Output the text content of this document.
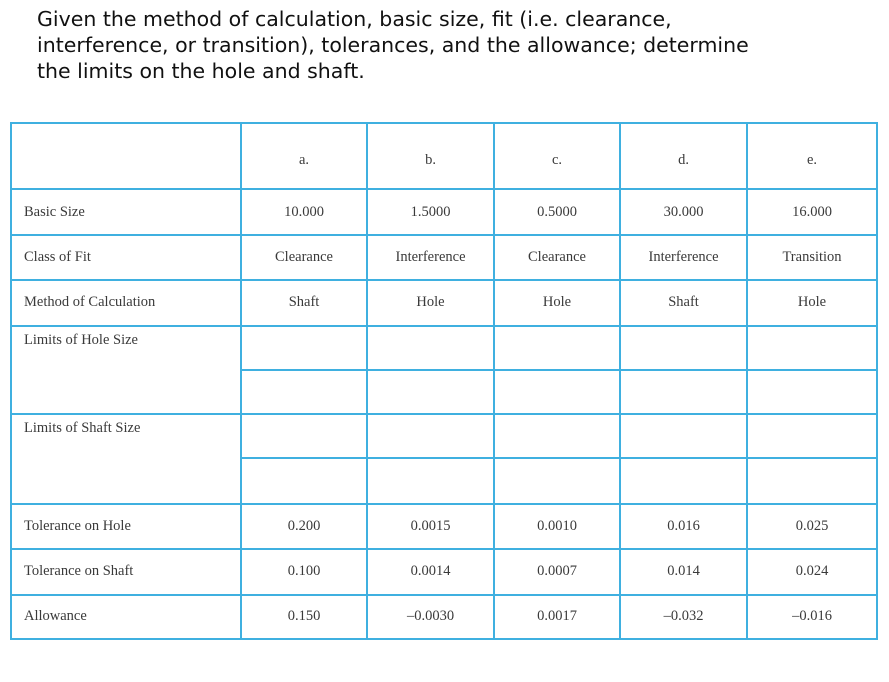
Given the method of calculation, basic size, fit (i.e. clearance,
interference, or transition), tolerances, and the allowance; determine
the limits on the hole and shaft.
	a.	b.	c.	d.	e.
Basic Size	10.000	1.5000	0.5000	30.000	16.000
Class of Fit	Clearance	Interference	Clearance	Interference	Transition
Method of Calculation	Shaft	Hole	Hole	Shaft	Hole
Limits of Hole Size					

Limits of Shaft Size					

Tolerance on Hole	0.200	0.0015	0.0010	0.016	0.025
Tolerance on Shaft	0.100	0.0014	0.0007	0.014	0.024
Allowance	0.150	–0.0030	0.0017	–0.032	–0.016
